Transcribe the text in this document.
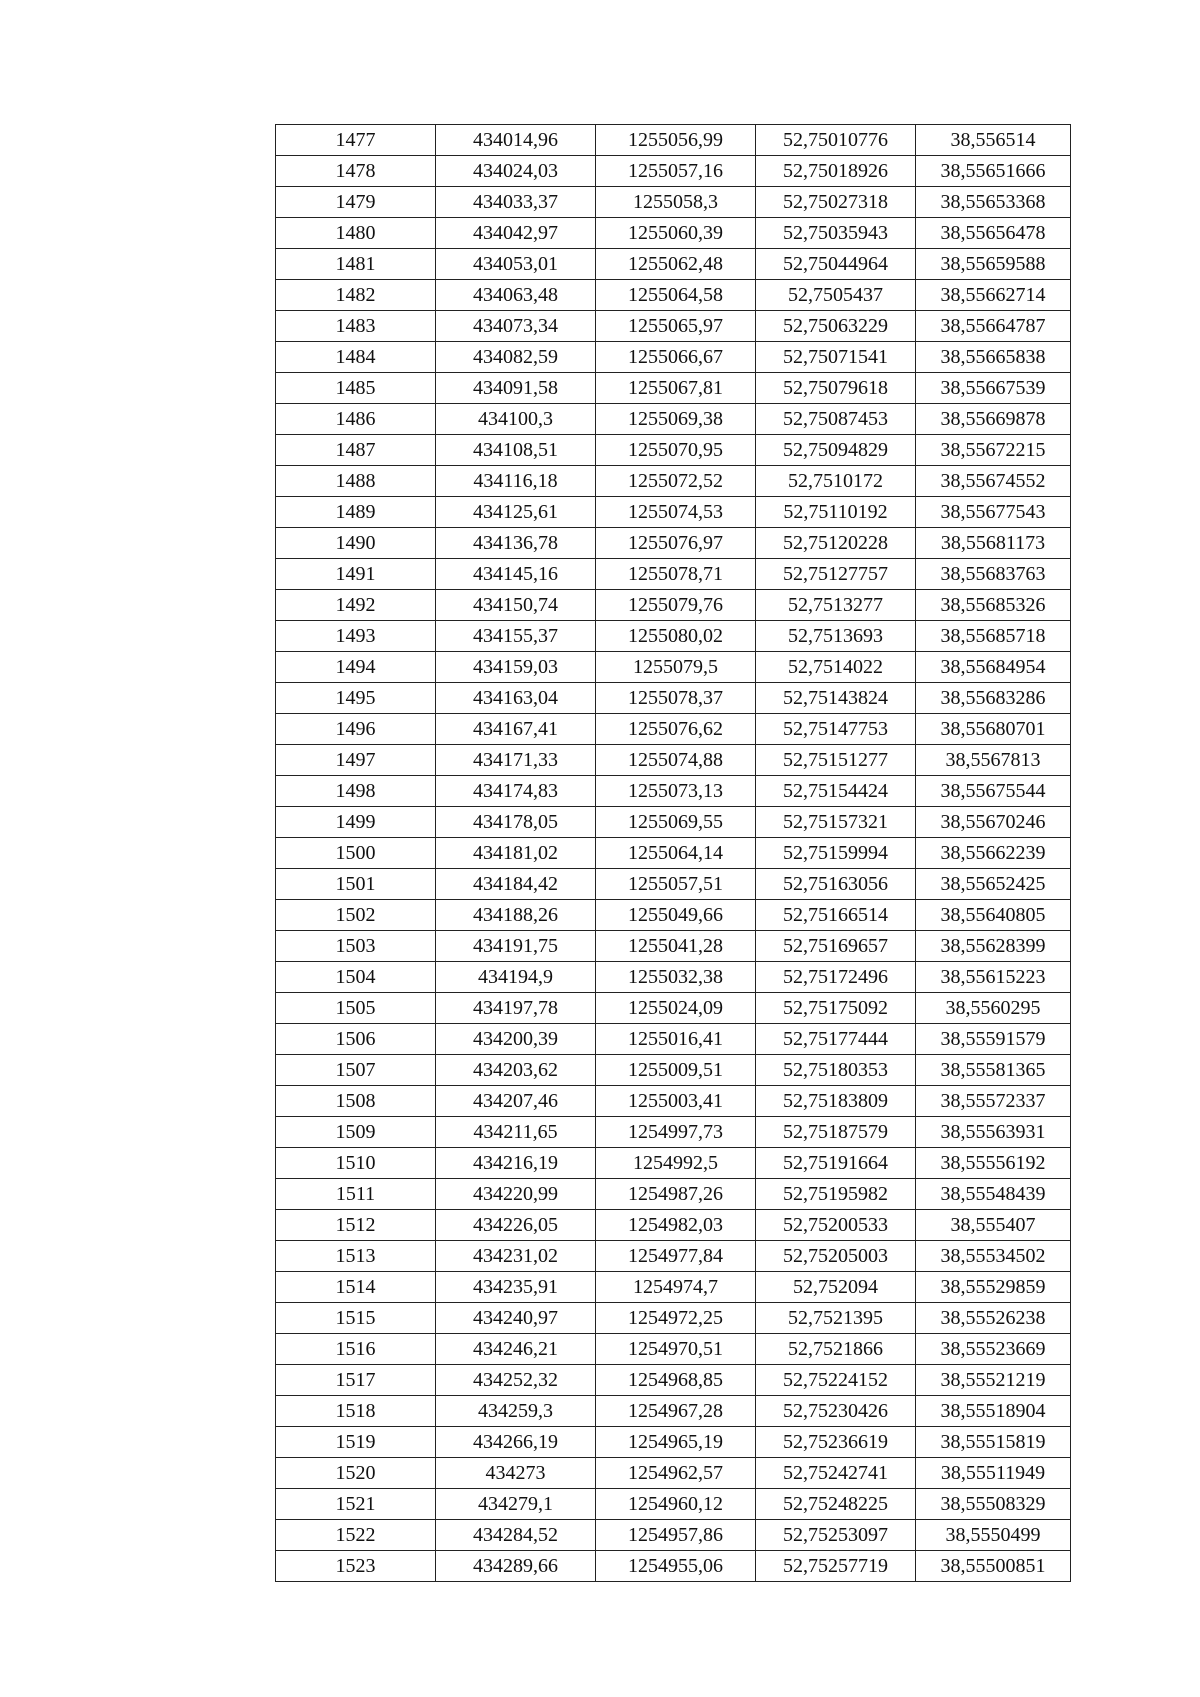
1477	434014,96	1255056,99	52,75010776	38,556514
1478	434024,03	1255057,16	52,75018926	38,55651666
1479	434033,37	1255058,3	52,75027318	38,55653368
1480	434042,97	1255060,39	52,75035943	38,55656478
1481	434053,01	1255062,48	52,75044964	38,55659588
1482	434063,48	1255064,58	52,7505437	38,55662714
1483	434073,34	1255065,97	52,75063229	38,55664787
1484	434082,59	1255066,67	52,75071541	38,55665838
1485	434091,58	1255067,81	52,75079618	38,55667539
1486	434100,3	1255069,38	52,75087453	38,55669878
1487	434108,51	1255070,95	52,75094829	38,55672215
1488	434116,18	1255072,52	52,7510172	38,55674552
1489	434125,61	1255074,53	52,75110192	38,55677543
1490	434136,78	1255076,97	52,75120228	38,55681173
1491	434145,16	1255078,71	52,75127757	38,55683763
1492	434150,74	1255079,76	52,7513277	38,55685326
1493	434155,37	1255080,02	52,7513693	38,55685718
1494	434159,03	1255079,5	52,7514022	38,55684954
1495	434163,04	1255078,37	52,75143824	38,55683286
1496	434167,41	1255076,62	52,75147753	38,55680701
1497	434171,33	1255074,88	52,75151277	38,5567813
1498	434174,83	1255073,13	52,75154424	38,55675544
1499	434178,05	1255069,55	52,75157321	38,55670246
1500	434181,02	1255064,14	52,75159994	38,55662239
1501	434184,42	1255057,51	52,75163056	38,55652425
1502	434188,26	1255049,66	52,75166514	38,55640805
1503	434191,75	1255041,28	52,75169657	38,55628399
1504	434194,9	1255032,38	52,75172496	38,55615223
1505	434197,78	1255024,09	52,75175092	38,5560295
1506	434200,39	1255016,41	52,75177444	38,55591579
1507	434203,62	1255009,51	52,75180353	38,55581365
1508	434207,46	1255003,41	52,75183809	38,55572337
1509	434211,65	1254997,73	52,75187579	38,55563931
1510	434216,19	1254992,5	52,75191664	38,55556192
1511	434220,99	1254987,26	52,75195982	38,55548439
1512	434226,05	1254982,03	52,75200533	38,555407
1513	434231,02	1254977,84	52,75205003	38,55534502
1514	434235,91	1254974,7	52,752094	38,55529859
1515	434240,97	1254972,25	52,7521395	38,55526238
1516	434246,21	1254970,51	52,7521866	38,55523669
1517	434252,32	1254968,85	52,75224152	38,55521219
1518	434259,3	1254967,28	52,75230426	38,55518904
1519	434266,19	1254965,19	52,75236619	38,55515819
1520	434273	1254962,57	52,75242741	38,55511949
1521	434279,1	1254960,12	52,75248225	38,55508329
1522	434284,52	1254957,86	52,75253097	38,5550499
1523	434289,66	1254955,06	52,75257719	38,55500851
